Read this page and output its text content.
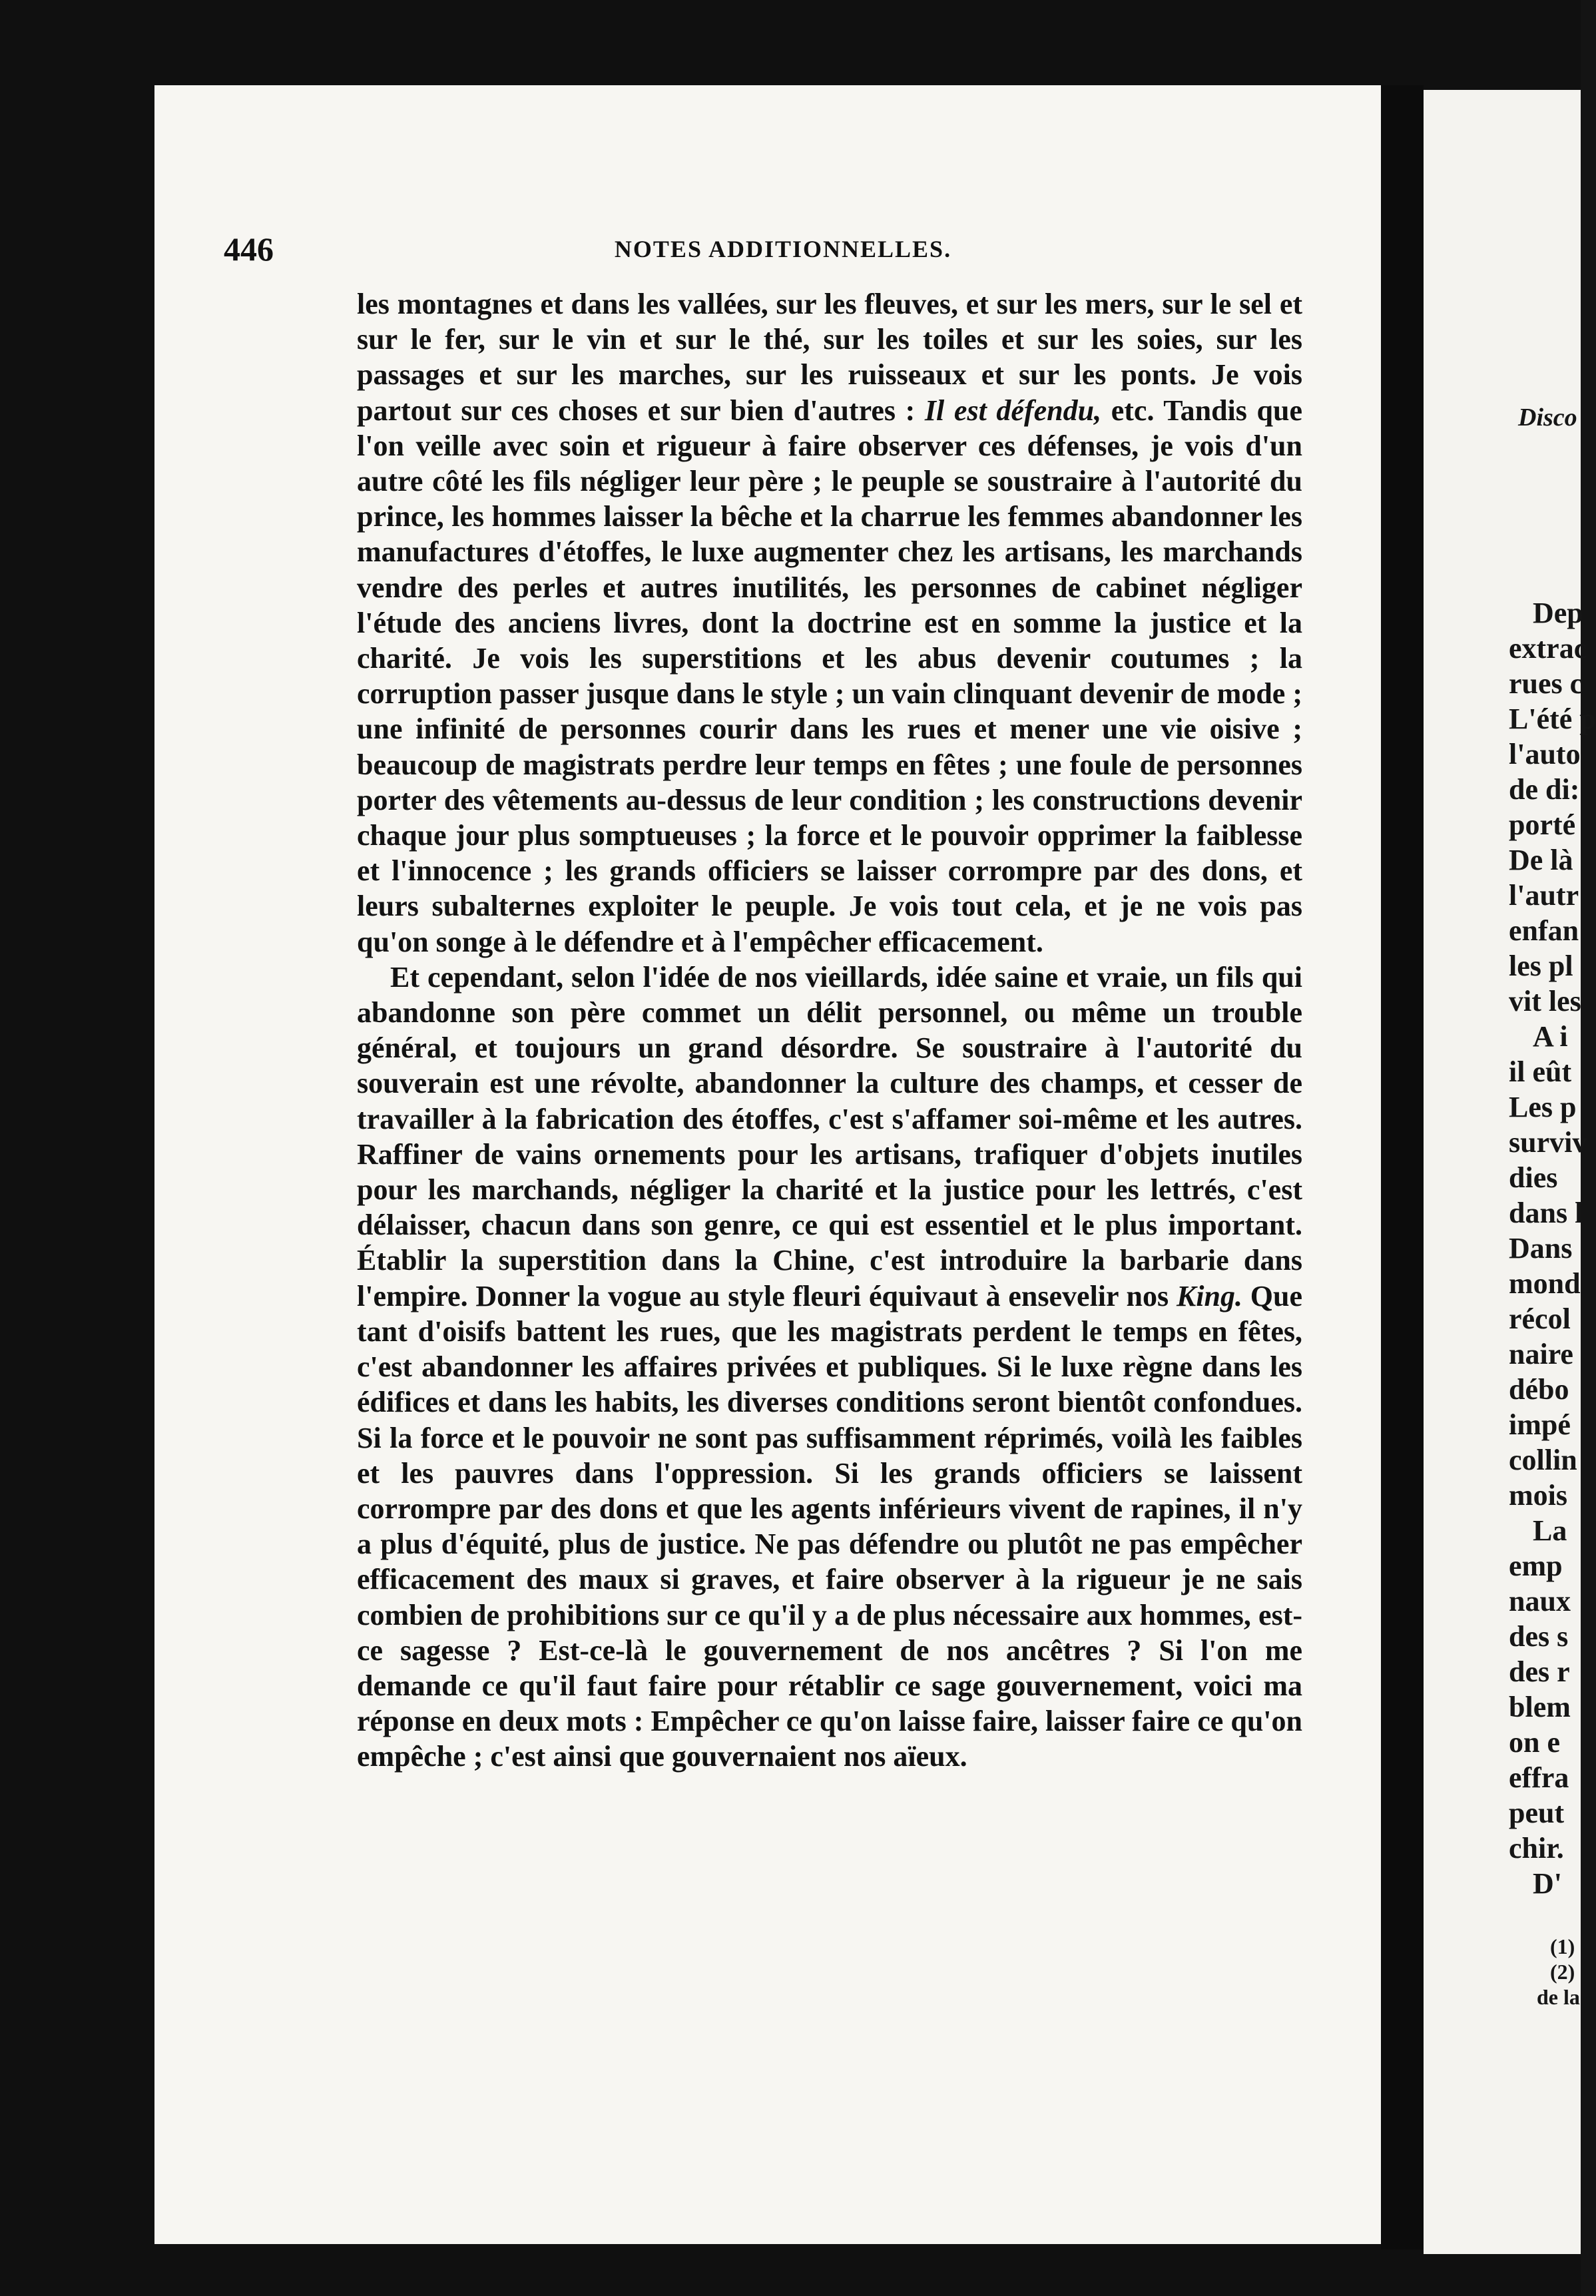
446	NOTES ADDITIONNELLES.

les montagnes et dans les vallées, sur les fleuves, et sur les mers, sur le sel et sur le fer, sur le vin et sur le thé, sur les toiles et sur les soies, sur les passages et sur les marches, sur les ruisseaux et sur les ponts. Je vois partout sur ces choses et sur bien d'autres : Il est défendu, etc. Tandis que l'on veille avec soin et rigueur à faire observer ces défenses, je vois d'un autre côté les fils négliger leur père ; le peuple se soustraire à l'autorité du prince, les hommes laisser la bêche et la charrue les femmes abandonner les manufactures d'étoffes, le luxe augmenter chez les artisans, les marchands vendre des perles et autres inutilités, les personnes de cabinet négliger l'étude des anciens livres, dont la doctrine est en somme la justice et la charité. Je vois les superstitions et les abus devenir coutumes ; la corruption passer jusque dans le style ; un vain clinquant devenir de mode ; une infinité de personnes courir dans les rues et mener une vie oisive ; beaucoup de magistrats perdre leur temps en fêtes ; une foule de personnes porter des vêtements au-dessus de leur condition ; les constructions devenir chaque jour plus somptueuses ; la force et le pouvoir opprimer la faiblesse et l'innocence ; les grands officiers se laisser corrompre par des dons, et leurs subalternes exploiter le peuple. Je vois tout cela, et je ne vois pas qu'on songe à le défendre et à l'empêcher efficacement.

Et cependant, selon l'idée de nos vieillards, idée saine et vraie, un fils qui abandonne son père commet un délit personnel, ou même un trouble général, et toujours un grand désordre. Se soustraire à l'autorité du souverain est une révolte, abandonner la culture des champs, et cesser de travailler à la fabrication des étoffes, c'est s'affamer soi-même et les autres. Raffiner de vains ornements pour les artisans, trafiquer d'objets inutiles pour les marchands, négliger la charité et la justice pour les lettrés, c'est délaisser, chacun dans son genre, ce qui est essentiel et le plus important. Établir la superstition dans la Chine, c'est introduire la barbarie dans l'empire. Donner la vogue au style fleuri équivaut à ensevelir nos King. Que tant d'oisifs battent les rues, que les magistrats perdent le temps en fêtes, c'est abandonner les affaires privées et publiques. Si le luxe règne dans les édifices et dans les habits, les diverses conditions seront bientôt confondues. Si la force et le pouvoir ne sont pas suffisamment réprimés, voilà les faibles et les pauvres dans l'oppression. Si les grands officiers se laissent corrompre par des dons et que les agents inférieurs vivent de rapines, il n'y a plus d'équité, plus de justice. Ne pas défendre ou plutôt ne pas empêcher efficacement des maux si graves, et faire observer à la rigueur je ne sais combien de prohibitions sur ce qu'il y a de plus nécessaire aux hommes, est-ce sagesse ? Est-ce-là le gouvernement de nos ancêtres ? Si l'on me demande ce qu'il faut faire pour rétablir ce sage gouvernement, voici ma réponse en deux mots : Empêcher ce qu'on laisse faire, laisser faire ce qu'on empêche ; c'est ainsi que gouvernaient nos aïeux.

Disco
Dep
extrac
rues c
L'été p
l'auto
de di:
porté
De là
l'autr
enfan
les pl
vit les
A i
il eût
Les p
surviv
dies
dans l
Dans
mond
récol
naire
débo
impé
collin
mois
La
emp
naux
des s
des r
blem
on e
effra
peut
chir.
D'
(1)
(2)
de la
